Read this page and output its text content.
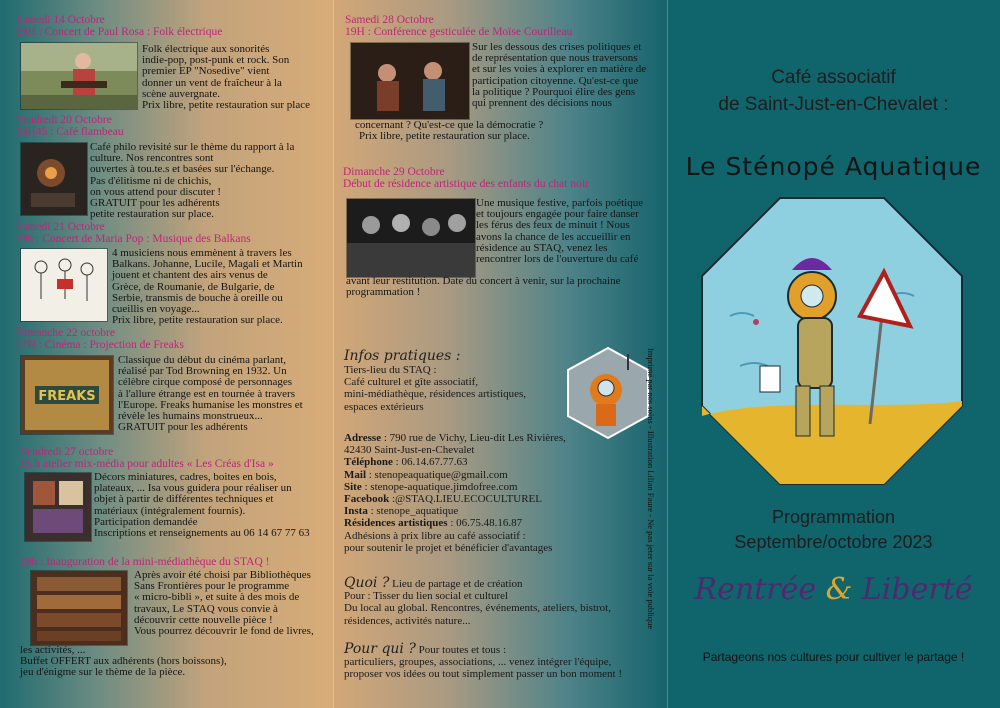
Samedi 14 Octobre

19H : Concert de Paul Rosa : Folk électrique

Folk électrique aux sonorités

indie-pop, post-punk et rock. Son

premier EP "Nosedive" vient

donner un vent de fraîcheur à la

scène auvergnate.

Prix libre, petite restauration sur place

Vendredi 20 Octobre

18H45 : Café flambeau

Café philo revisité sur le thème du rapport à la

culture. Nos rencontres sont

ouvertes à tou.te.s et basées sur l'échange.

Pas d'élitisme ni de chichis,

on vous attend pour discuter !

GRATUIT pour les adhérents

petite restauration sur place.

Samedi 21 Octobre

19h : Concert de Maria Pop : Musique des Balkans

4 musiciens nous emmènent à travers les

Balkans. Johanne, Lucile, Magali et Martin

jouent et chantent des airs venus de

Grèce, de Roumanie, de Bulgarie, de

Serbie, transmis de bouche à oreille ou

cueillis en voyage...

Prix libre, petite restauration sur place.

Dimanche 22 octobre

17H : Cinéma : Projection de Freaks

FREAKS

Classique du début du cinéma parlant,

réalisé par Tod Browning en 1932. Un

célèbre cirque composé de personnages

à l'allure étrange est en tournée à travers

l'Europe. Freaks humanise les monstres et

révèle les humains monstrueux...

GRATUIT pour les adhérents

Vendredi 27 octobre

15 h atelier mix-média pour adultes « Les Créas d'Isa »

Décors miniatures, cadres, boites en bois,

plateaux, ... Isa vous guidera pour réaliser un

objet à partir de différentes techniques et

matériaux (intégralement fournis).

Participation demandée

Inscriptions et renseignements au 06 14 67 77 63

19h : Inauguration de la mini-médiathèque du STAQ !

Après avoir été choisi par Bibliothèques

Sans Frontières pour le programme

« micro-bibli », et suite à des mois de

travaux, Le STAQ vous convie à

découvrir cette nouvelle pièce !

Vous pourrez découvrir le fond de livres,

les activités, ...

Buffet OFFERT aux adhérents (hors boissons),

jeu d'énigme sur le thème de la pièce.

Samedi 28 Octobre

19H : Conférence gesticulée de Moïse Courilleau

Sur les dessous des crises politiques et

de représentation que nous traversons

et sur les voies à explorer en matière de

participation citoyenne. Qu'est-ce que

la politique ? Pourquoi élire des gens

qui prennent des décisions nous

concernant ? Qu'est-ce que la démocratie ?

Prix libre, petite restauration sur place.

Dimanche 29 Octobre

Début de résidence artistique des enfants du chat noir

Une musique festive, parfois poétique

et toujours engagée pour faire danser

les férus des feux de minuit ! Nous

avons la chance de les accueillir en

résidence au STAQ, venez les

rencontrer lors de l'ouverture du café

avant leur restitution. Date du concert à venir, sur la prochaine

programmation !

Infos pratiques :

Tiers-lieu du STAQ :

Café culturel et gîte associatif,

mini-médiathèque, résidences artistiques,

espaces extérieurs

Adresse : 790 rue de Vichy, Lieu-dit Les Rivières,

42430 Saint-Just-en-Chevalet

Téléphone : 06.14.67.77.63

Mail : stenopeaquatique@gmail.com

Site : stenope-aquatique.jimdofree.com

Facebook :@STAQ.LIEU.ECOCULTUREL

Insta : stenope_aquatique

Résidences artistiques : 06.75.48.16.87

Adhésions à prix libre au café associatif :

pour soutenir le projet et bénéficier d'avantages

Quoi ? Lieu de partage et de création

Pour : Tisser du lien social et culturel

Du local au global. Rencontres, événements, ateliers, bistrot,

résidences, activités nature...

Pour qui ? Pour toutes et tous :

particuliers, groupes, associations, ... venez intégrer l'équipe,

proposer vos idées ou tout simplement passer un bon moment !

Imprimé par nos soins - Illustration Lilian Faure - Ne pas jeter sur la voie publique
Café associatif
de Saint-Just-en-Chevalet :
Le Sténopé Aquatique
Programmation
Septembre/octobre 2023
Rentrée & Liberté
Partageons nos cultures pour cultiver le partage !
